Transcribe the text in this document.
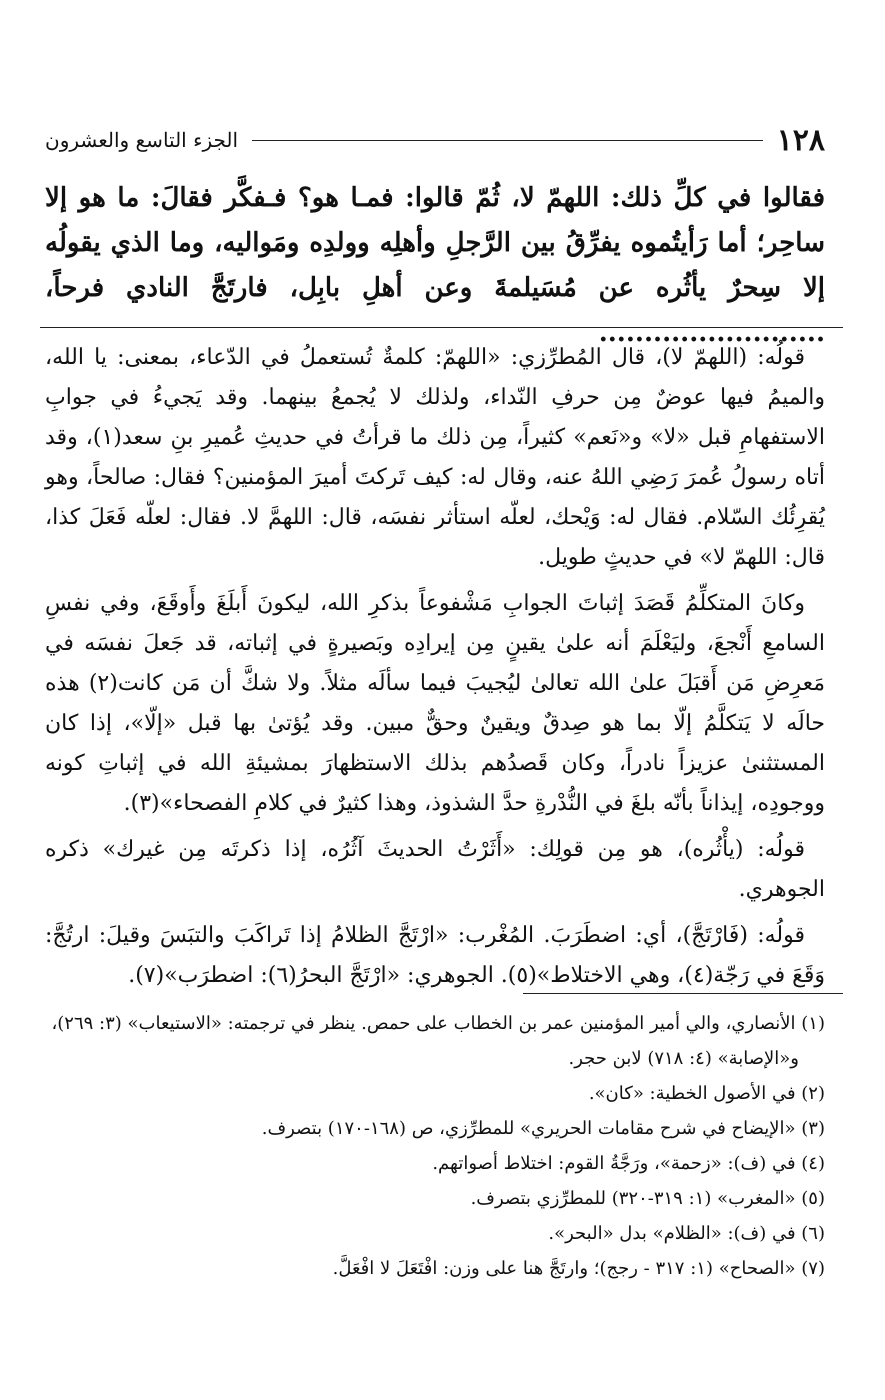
١٢٨
الجزء التاسع والعشرون

فقالوا في كلِّ ذلك: اللهمّ لا، ثُمّ قالوا: فمـا هو؟ فـفكَّر فقالَ: ما هو إلا ساحِر؛ أما رَأيتُموه يفرِّقُ بين الرَّجلِ وأهلِه وولدِه ومَواليه، وما الذي يقولُه إلا سِحرٌ يأثُره عن مُسَيلمةَ وعن أهلِ بابِل، فارتَجَّ النادي فرحاً، .........................

قولُه: (اللهمّ لا)، قال المُطرِّزي: «اللهمّ: كلمةٌ تُستعملُ في الدّعاء، بمعنى: يا الله، والميمُ فيها عوضٌ مِن حرفِ النّداء، ولذلك لا يُجمعُ بينهما. وقد يَجيءُ في جوابِ الاستفهامِ قبل «لا» و«نَعم» كثيراً، مِن ذلك ما قرأتُ في حديثِ عُميرِ بنِ سعد(١)، وقد أتاه رسولُ عُمرَ رَضِي اللهُ عنه، وقال له: كيف تَركتَ أميرَ المؤمنين؟ فقال: صالحاً، وهو يُقرِئُك السّلام. فقال له: وَيْحك، لعلّه استأثر نفسَه، قال: اللهمَّ لا. فقال: لعلّه فَعَلَ كذا، قال: اللهمّ لا» في حديثٍ طويل.

وكانَ المتكلِّمُ قَصَدَ إثباتَ الجوابِ مَشْفوعاً بذكرِ الله، ليكونَ أَبلَغَ وأَوقَعَ، وفي نفسِ السامعِ أَنْجعَ، وليَعْلَمَ أنه علىٰ يقينٍ مِن إيرادِه وبَصيرةٍ في إثباته، قد جَعلَ نفسَه في مَعرِضِ مَن أَقبَلَ علىٰ الله تعالىٰ ليُجيبَ فيما سألَه مثلاً. ولا شكَّ أن مَن كانت(٢) هذه حالَه لا يَتكلَّمُ إلّا بما هو صِدقٌ ويقينٌ وحقٌّ مبين. وقد يُؤتىٰ بها قبل «إلّا»، إذا كان المستثنىٰ عزيزاً نادراً، وكان قَصدُهم بذلك الاستظهارَ بمشيئةِ الله في إثباتِ كونه ووجودِه، إيذاناً بأنّه بلغَ في النُّدْرةِ حدَّ الشذوذ، وهذا كثيرٌ في كلامِ الفصحاء»(٣).

قولُه: (يأْثُره)، هو مِن قولِك: «أَثَرْتُ الحديثَ آثُرُه، إذا ذكرتَه مِن غيرك» ذكره الجوهري.

قولُه: (فَارْتَجَّ)، أي: اضطَرَبَ. المُغْرب: «ارْتَجَّ الظلامُ إذا تَراكَبَ والتبَسَ وقيلَ: ارتُجَّ: وَقَعَ في رَجّة(٤)، وهي الاختلاط»(٥). الجوهري: «ارْتَجَّ البحرُ(٦): اضطرَب»(٧).

(١) الأنصاري، والي أمير المؤمنين عمر بن الخطاب على حمص. ينظر في ترجمته: «الاستيعاب» (٣: ٢٦٩)،
و«الإصابة» (٤: ٧١٨) لابن حجر.
(٢) في الأصول الخطية: «كان».
(٣) «الإيضاح في شرح مقامات الحريري» للمطرِّزي، ص (١٦٨-١٧٠) بتصرف.
(٤) في (ف): «زحمة»، ورَجَّةُ القوم: اختلاط أصواتهم.
(٥) «المغرب» (١: ٣١٩-٣٢٠) للمطرِّزي بتصرف.
(٦) في (ف): «الظلام» بدل «البحر».
(٧) «الصحاح» (١: ٣١٧ - رجج)؛ وارتَجَّ هنا على وزن: افْتَعَلَ لا افْعَلَّ.
